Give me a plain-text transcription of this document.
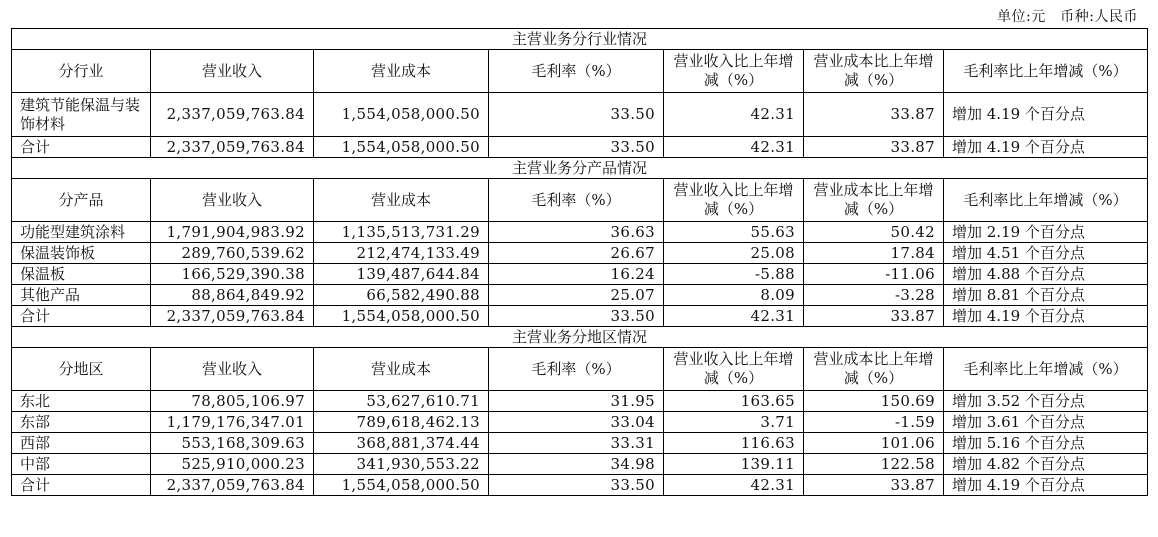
单位:元　币种:人民币
主营业务分行业情况						
分行业	营业收入	营业成本	毛利率（%）	营业收入比上年增减（%）	营业成本比上年增减（%）	毛利率比上年增减（%）
建筑节能保温与装饰材料	2,337,059,763.84	1,554,058,000.50	33.50	42.31	33.87	增加 4.19 个百分点
合计	2,337,059,763.84	1,554,058,000.50	33.50	42.31	33.87	增加 4.19 个百分点
主营业务分产品情况						
分产品	营业收入	营业成本	毛利率（%）	营业收入比上年增减（%）	营业成本比上年增减（%）	毛利率比上年增减（%）
功能型建筑涂料	1,791,904,983.92	1,135,513,731.29	36.63	55.63	50.42	增加 2.19 个百分点
保温装饰板	289,760,539.62	212,474,133.49	26.67	25.08	17.84	增加 4.51 个百分点
保温板	166,529,390.38	139,487,644.84	16.24	-5.88	-11.06	增加 4.88 个百分点
其他产品	88,864,849.92	66,582,490.88	25.07	8.09	-3.28	增加 8.81 个百分点
合计	2,337,059,763.84	1,554,058,000.50	33.50	42.31	33.87	增加 4.19 个百分点
主营业务分地区情况						
分地区	营业收入	营业成本	毛利率（%）	营业收入比上年增减（%）	营业成本比上年增减（%）	毛利率比上年增减（%）
东北	78,805,106.97	53,627,610.71	31.95	163.65	150.69	增加 3.52 个百分点
东部	1,179,176,347.01	789,618,462.13	33.04	3.71	-1.59	增加 3.61 个百分点
西部	553,168,309.63	368,881,374.44	33.31	116.63	101.06	增加 5.16 个百分点
中部	525,910,000.23	341,930,553.22	34.98	139.11	122.58	增加 4.82 个百分点
合计	2,337,059,763.84	1,554,058,000.50	33.50	42.31	33.87	增加 4.19 个百分点
